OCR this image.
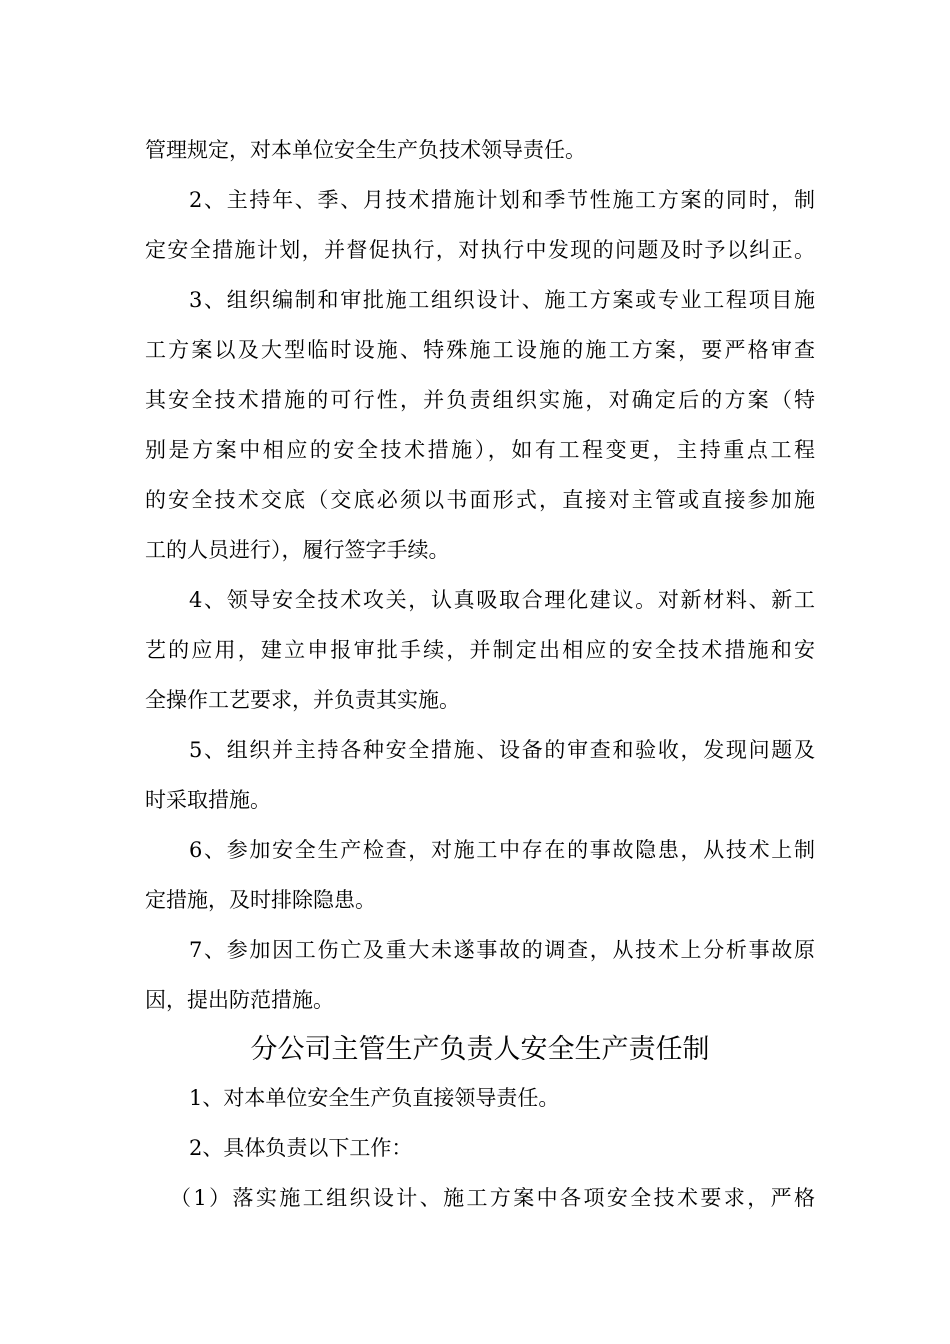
管理规定，对本单位安全生产负技术领导责任。
2、主持年、季、月技术措施计划和季节性施工方案的同时，制
定安全措施计划，并督促执行，对执行中发现的问题及时予以纠正。
3、组织编制和审批施工组织设计、施工方案或专业工程项目施
工方案以及大型临时设施、特殊施工设施的施工方案，要严格审查
其安全技术措施的可行性，并负责组织实施，对确定后的方案（特
别是方案中相应的安全技术措施），如有工程变更，主持重点工程
的安全技术交底（交底必须以书面形式，直接对主管或直接参加施
工的人员进行），履行签字手续。
4、领导安全技术攻关，认真吸取合理化建议。对新材料、新工
艺的应用，建立申报审批手续，并制定出相应的安全技术措施和安
全操作工艺要求，并负责其实施。
5、组织并主持各种安全措施、设备的审查和验收，发现问题及
时采取措施。
6、参加安全生产检查，对施工中存在的事故隐患，从技术上制
定措施，及时排除隐患。
7、参加因工伤亡及重大未遂事故的调查，从技术上分析事故原
因，提出防范措施。
分公司主管生产负责人安全生产责任制
1、对本单位安全生产负直接领导责任。
2、具体负责以下工作：
（1）落实施工组织设计、施工方案中各项安全技术要求，严格
